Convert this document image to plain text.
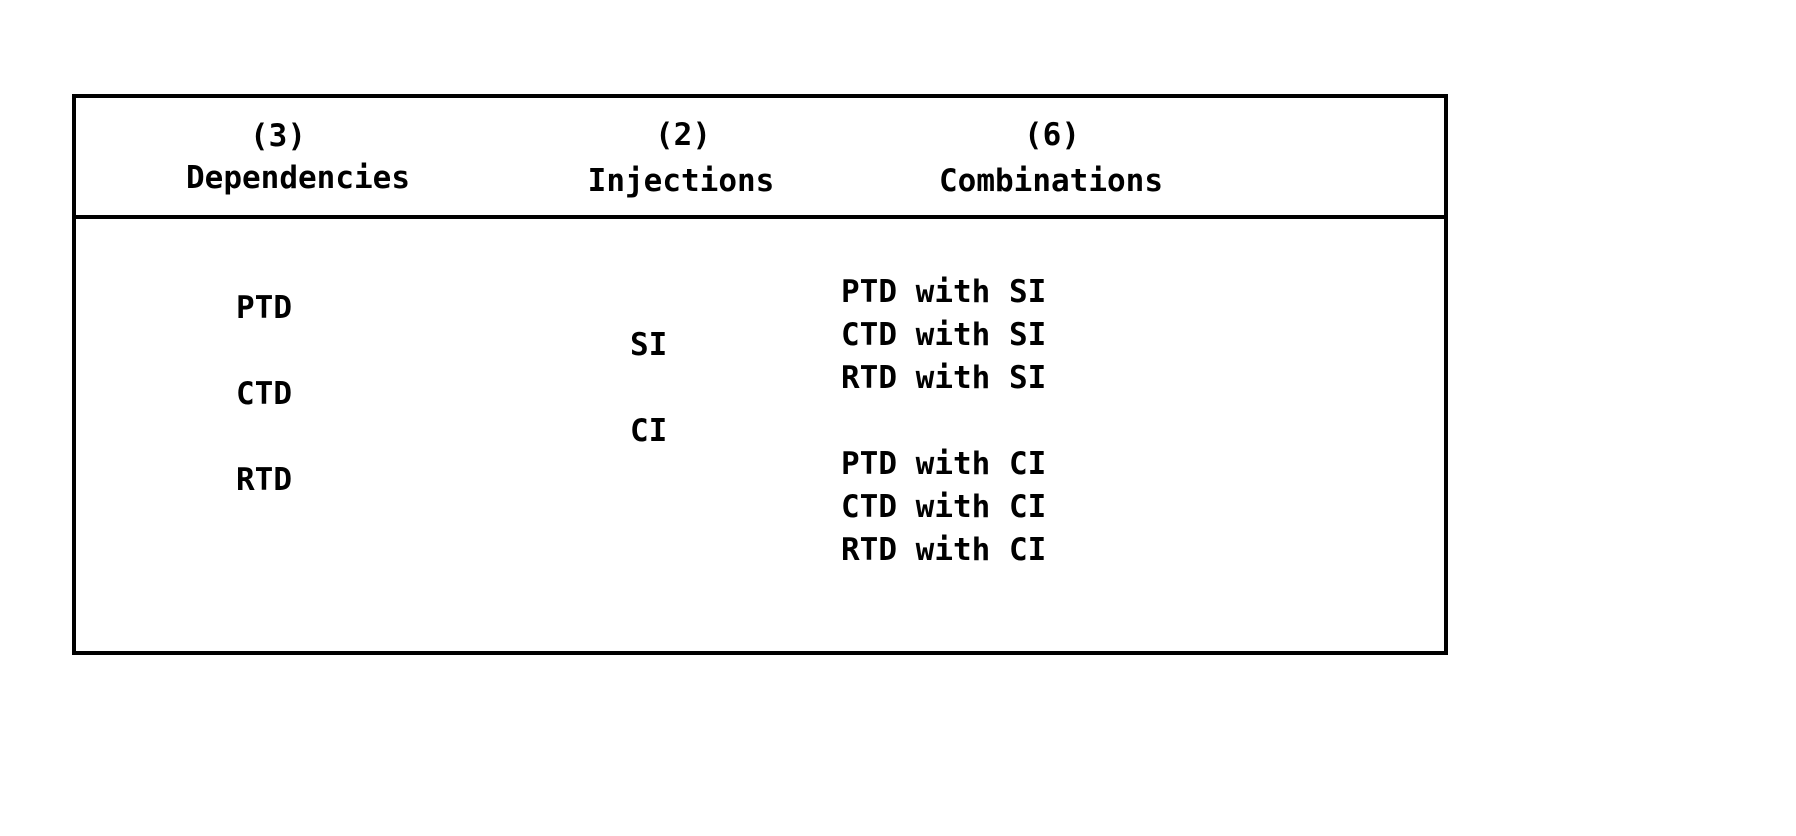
(3)
Dependencies
(2)
Injections
(6)
Combinations
PTD
CTD
RTD
SI
CI
PTD with SI
CTD with SI
RTD with SI
PTD with CI
CTD with CI
RTD with CI
